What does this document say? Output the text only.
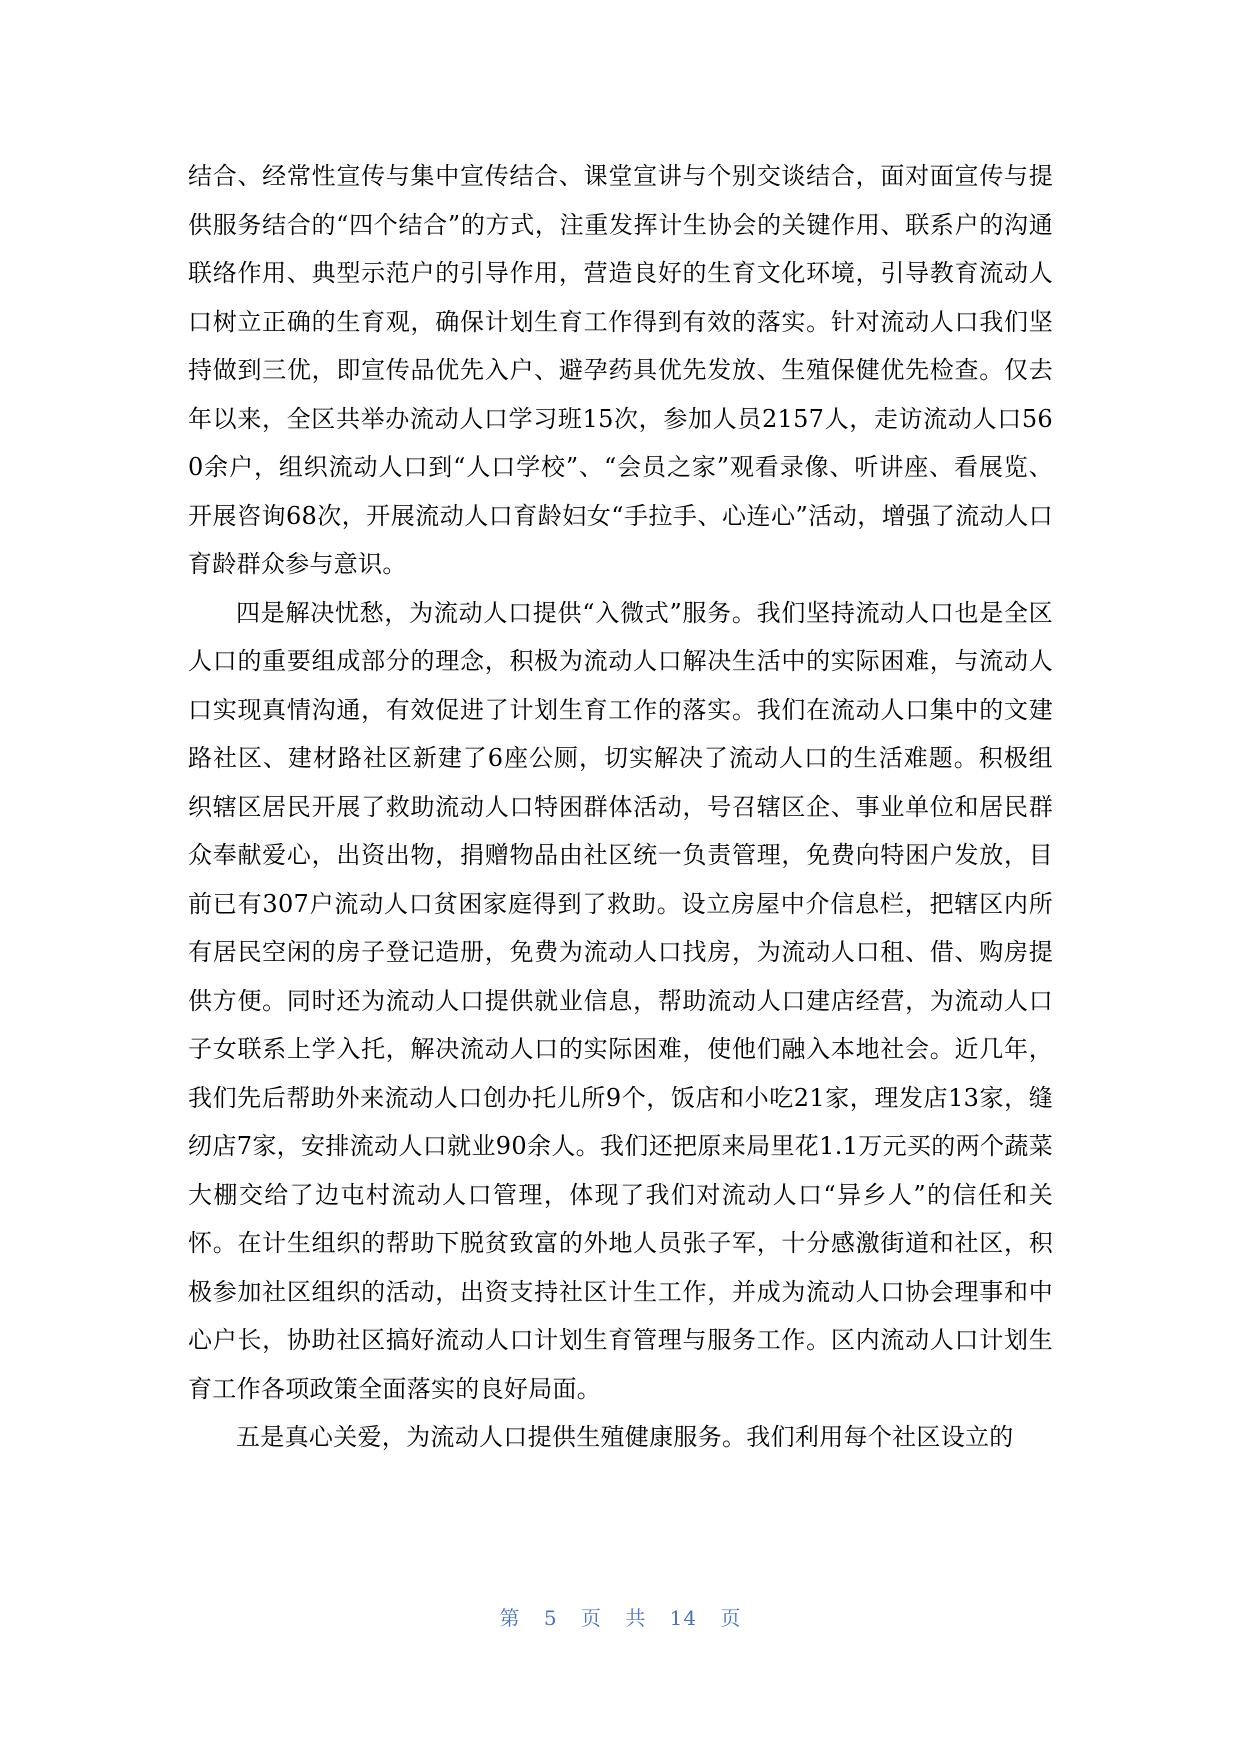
结合、经常性宣传与集中宣传结合、课堂宣讲与个别交谈结合，面对面宣传与提供服务结合的“四个结合”的方式，注重发挥计生协会的关键作用、联系户的沟通联络作用、典型示范户的引导作用，营造良好的生育文化环境，引导教育流动人口树立正确的生育观，确保计划生育工作得到有效的落实。针对流动人口我们坚持做到三优，即宣传品优先入户、避孕药具优先发放、生殖保健优先检查。仅去年以来，全区共举办流动人口学习班15次，参加人员2157人，走访流动人口560余户，组织流动人口到“人口学校”、“会员之家”观看录像、听讲座、看展览、开展咨询68次，开展流动人口育龄妇女“手拉手、心连心”活动，增强了流动人口育龄群众参与意识。

四是解决忧愁，为流动人口提供“入微式”服务。我们坚持流动人口也是全区人口的重要组成部分的理念，积极为流动人口解决生活中的实际困难，与流动人口实现真情沟通，有效促进了计划生育工作的落实。我们在流动人口集中的文建路社区、建材路社区新建了6座公厕，切实解决了流动人口的生活难题。积极组织辖区居民开展了救助流动人口特困群体活动，号召辖区企、事业单位和居民群众奉献爱心，出资出物，捐赠物品由社区统一负责管理，免费向特困户发放，目前已有307户流动人口贫困家庭得到了救助。设立房屋中介信息栏，把辖区内所有居民空闲的房子登记造册，免费为流动人口找房，为流动人口租、借、购房提供方便。同时还为流动人口提供就业信息，帮助流动人口建店经营，为流动人口子女联系上学入托，解决流动人口的实际困难，使他们融入本地社会。近几年，我们先后帮助外来流动人口创办托儿所9个，饭店和小吃21家，理发店13家，缝纫店7家，安排流动人口就业90余人。我们还把原来局里花1.1万元买的两个蔬菜大棚交给了边屯村流动人口管理，体现了我们对流动人口“异乡人”的信任和关怀。在计生组织的帮助下脱贫致富的外地人员张子军，十分感激街道和社区，积极参加社区组织的活动，出资支持社区计生工作，并成为流动人口协会理事和中心户长，协助社区搞好流动人口计划生育管理与服务工作。区内流动人口计划生育工作各项政策全面落实的良好局面。

五是真心关爱，为流动人口提供生殖健康服务。我们利用每个社区设立的

第 5 页 共 14 页
